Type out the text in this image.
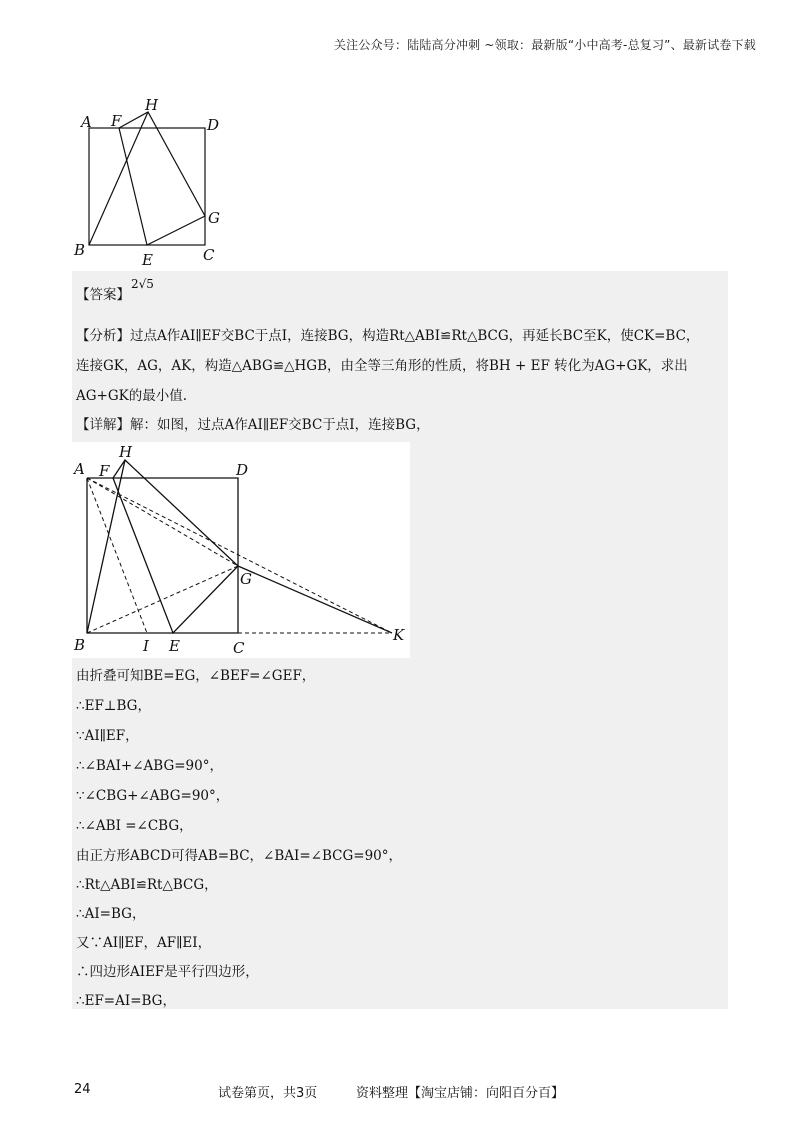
关注公众号：陆陆高分冲刺 ~领取：最新版“小中高考-总复习”、最新试卷下载
A F
H
D
G
B
E	C
【答案】
2√5
【分析】过点A作AI∥EF交BC于点I，连接BG，构造Rt△ABI≌Rt△BCG，再延长BC至K，使CK=BC，
连接GK，AG，AK，构造△ABG≌△HGB，由全等三角形的性质，将BH + EF 转化为AG+GK，求出
AG+GK的最小值.
【详解】解：如图，过点A作AI∥EF交BC于点I，连接BG，
A F
H
D
G
B	I E	C
K
由折叠可知BE=EG，∠BEF=∠GEF，
∴EF⊥BG，
∵AI∥EF，
∴∠BAI+∠ABG=90°，
∵∠CBG+∠ABG=90°，
∴∠ABI =∠CBG，
由正方形ABCD可得AB=BC，∠BAI=∠BCG=90°，
∴Rt△ABI≌Rt△BCG，
∴AI=BG，
又∵AI∥EF，AF∥EI，
∴四边形AIEF是平行四边形，
∴EF=AI=BG，
24	试卷第页，共3页	资料整理【淘宝店铺：向阳百分百】
